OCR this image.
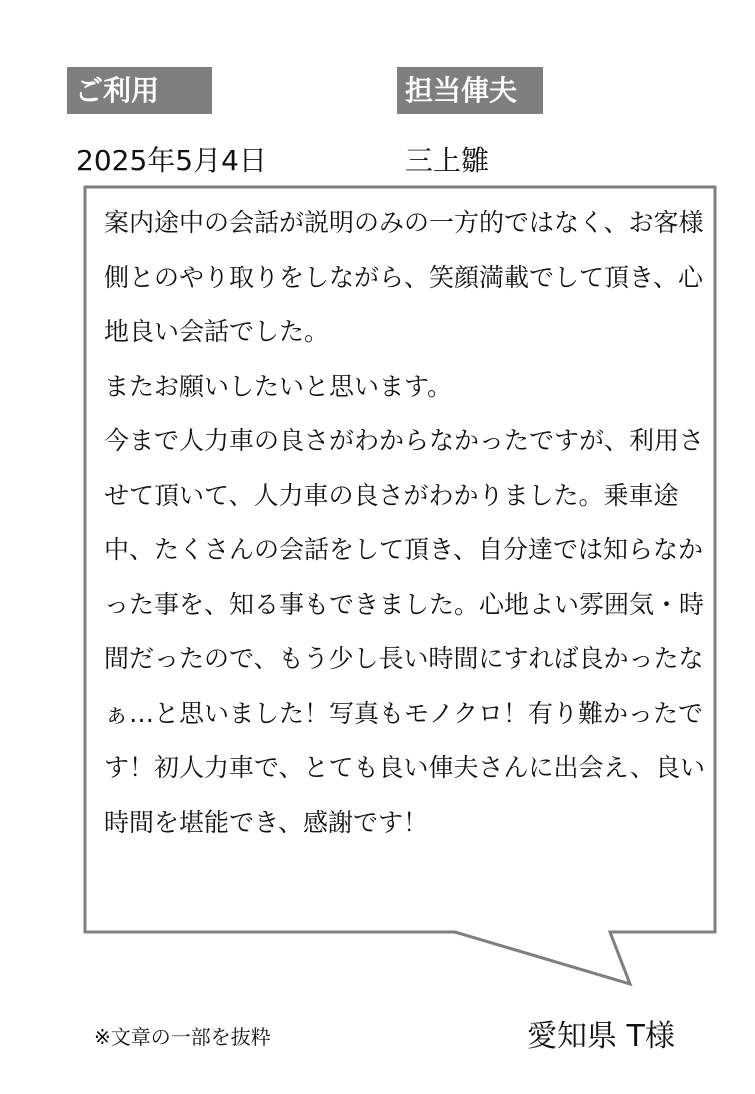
ご利用	担当俥夫
2025年5月4日	三上雛

案内途中の会話が説明のみの一方的ではなく、お客様側とのやり取りをしながら、笑顔満載でして頂き、心地良い会話でした。

またお願いしたいと思います。

今まで人力車の良さがわからなかったですが、利用させて頂いて、人力車の良さがわかりました。乗車途中、たくさんの会話をして頂き、自分達では知らなかった事を、知る事もできました。心地よい雰囲気・時間だったので、もう少し長い時間にすれば良かったなぁ…と思いました！写真もモノクロ！有り難かったです！初人力車で、とても良い俥夫さんに出会え、良い時間を堪能でき、感謝です！

※文章の一部を抜粋	愛知県 T様
